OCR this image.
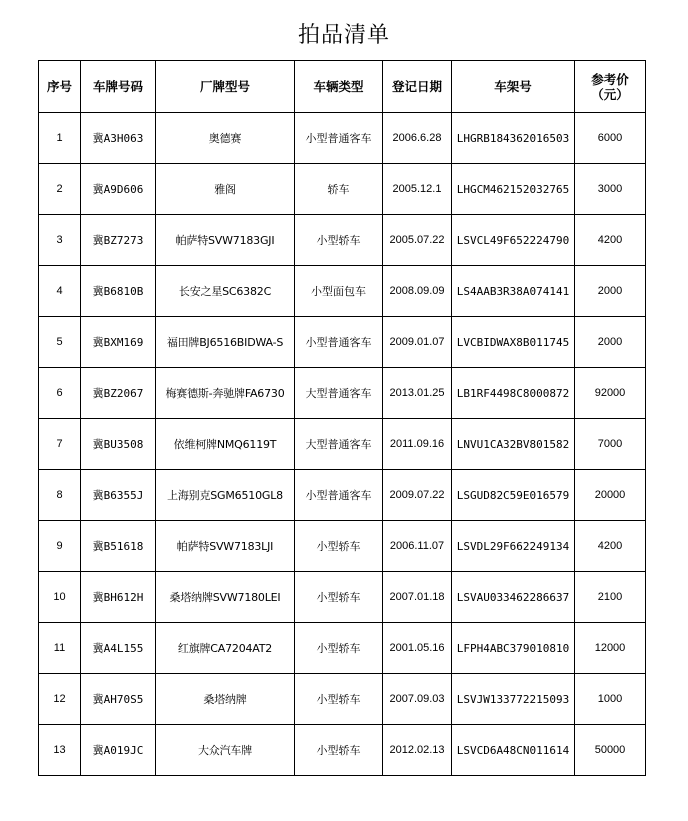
拍品清单
序号	车牌号码	厂牌型号	车辆类型	登记日期	车架号	参考价
（元）

1	冀A3H063	奥德赛	小型普通客车	2006.6.28	LHGRB184362016503	6000
2	冀A9D606	雅阁	轿车	2005.12.1	LHGCM462152032765	3000
3	冀BZ7273	帕萨特SVW7183GJI	小型轿车	2005.07.22	LSVCL49F652224790	4200
4	冀B6810B	长安之星SC6382C	小型面包车	2008.09.09	LS4AAB3R38A074141	2000
5	冀BXM169	福田牌BJ6516BIDWA-S	小型普通客车	2009.01.07	LVCBIDWAX8B011745	2000
6	冀BZ2067	梅赛德斯-奔驰牌FA6730	大型普通客车	2013.01.25	LB1RF4498C8000872	92000
7	冀BU3508	依维柯牌NMQ6119T	大型普通客车	2011.09.16	LNVU1CA32BV801582	7000
8	冀B6355J	上海别克SGM6510GL8	小型普通客车	2009.07.22	LSGUD82C59E016579	20000
9	冀B51618	帕萨特SVW7183LJI	小型轿车	2006.11.07	LSVDL29F662249134	4200
10	冀BH612H	桑塔纳牌SVW7180LEI	小型轿车	2007.01.18	LSVAU033462286637	2100
11	冀A4L155	红旗牌CA7204AT2	小型轿车	2001.05.16	LFPH4ABC379010810	12000
12	冀AH70S5	桑塔纳牌	小型轿车	2007.09.03	LSVJW133772215093	1000
13	冀A019JC	大众汽车牌	小型轿车	2012.02.13	LSVCD6A48CN011614	50000
